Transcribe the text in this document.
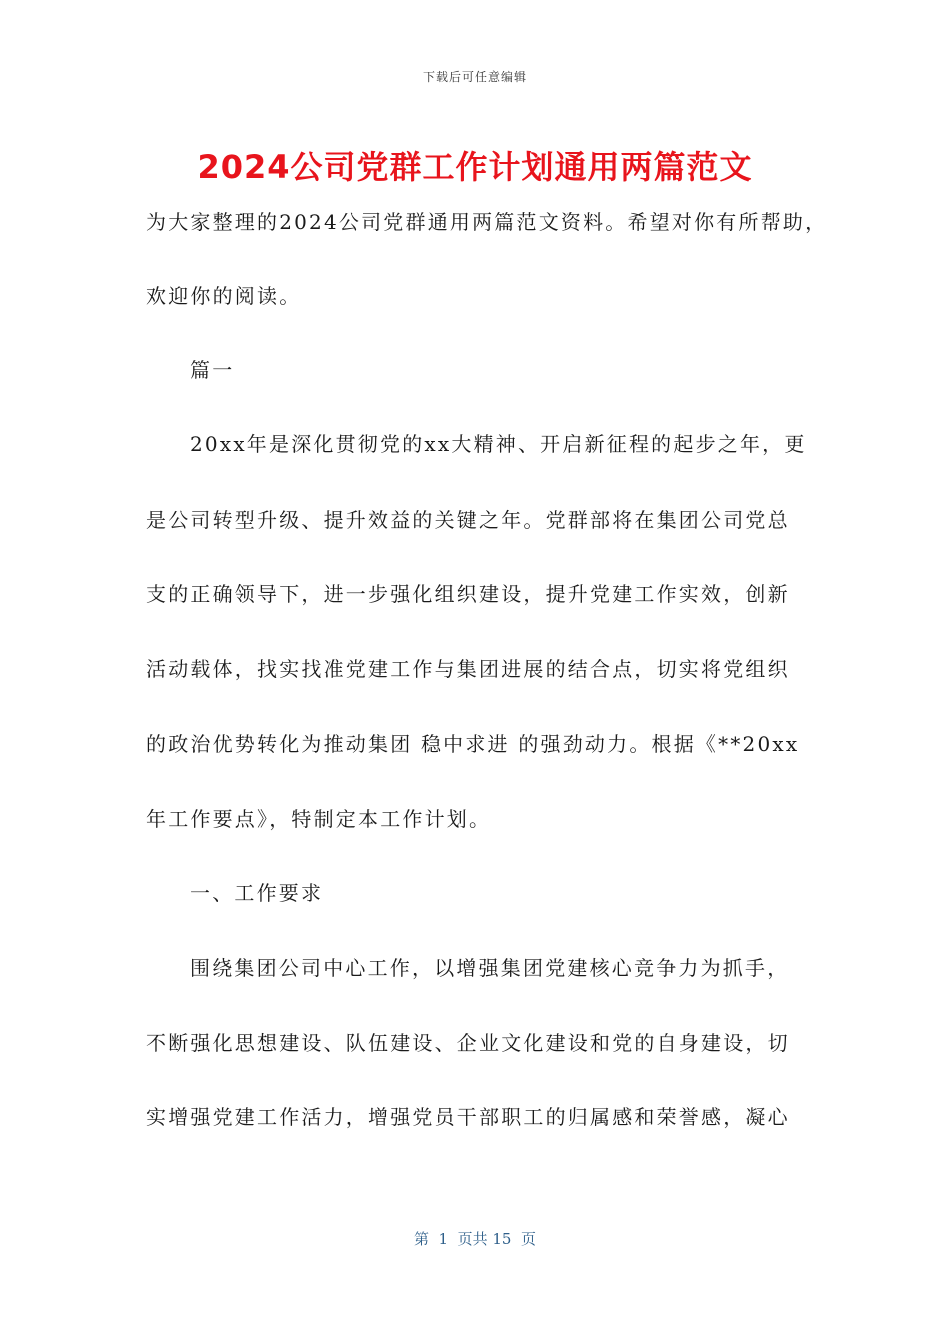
下载后可任意编辑
2024公司党群工作计划通用两篇范文
为大家整理的2024公司党群通用两篇范文资料。希望对你有所帮助，
欢迎你的阅读。
篇一
20xx年是深化贯彻党的xx大精神、开启新征程的起步之年，更
是公司转型升级、提升效益的关键之年。党群部将在集团公司党总
支的正确领导下，进一步强化组织建设，提升党建工作实效，创新
活动载体，找实找准党建工作与集团进展的结合点，切实将党组织
的政治优势转化为推动集团 稳中求进 的强劲动力。根据《**20xx
年工作要点》，特制定本工作计划。
一、工作要求
围绕集团公司中心工作，以增强集团党建核心竞争力为抓手，
不断强化思想建设、队伍建设、企业文化建设和党的自身建设，切
实增强党建工作活力，增强党员干部职工的归属感和荣誉感，凝心
第  1  页共 15  页
